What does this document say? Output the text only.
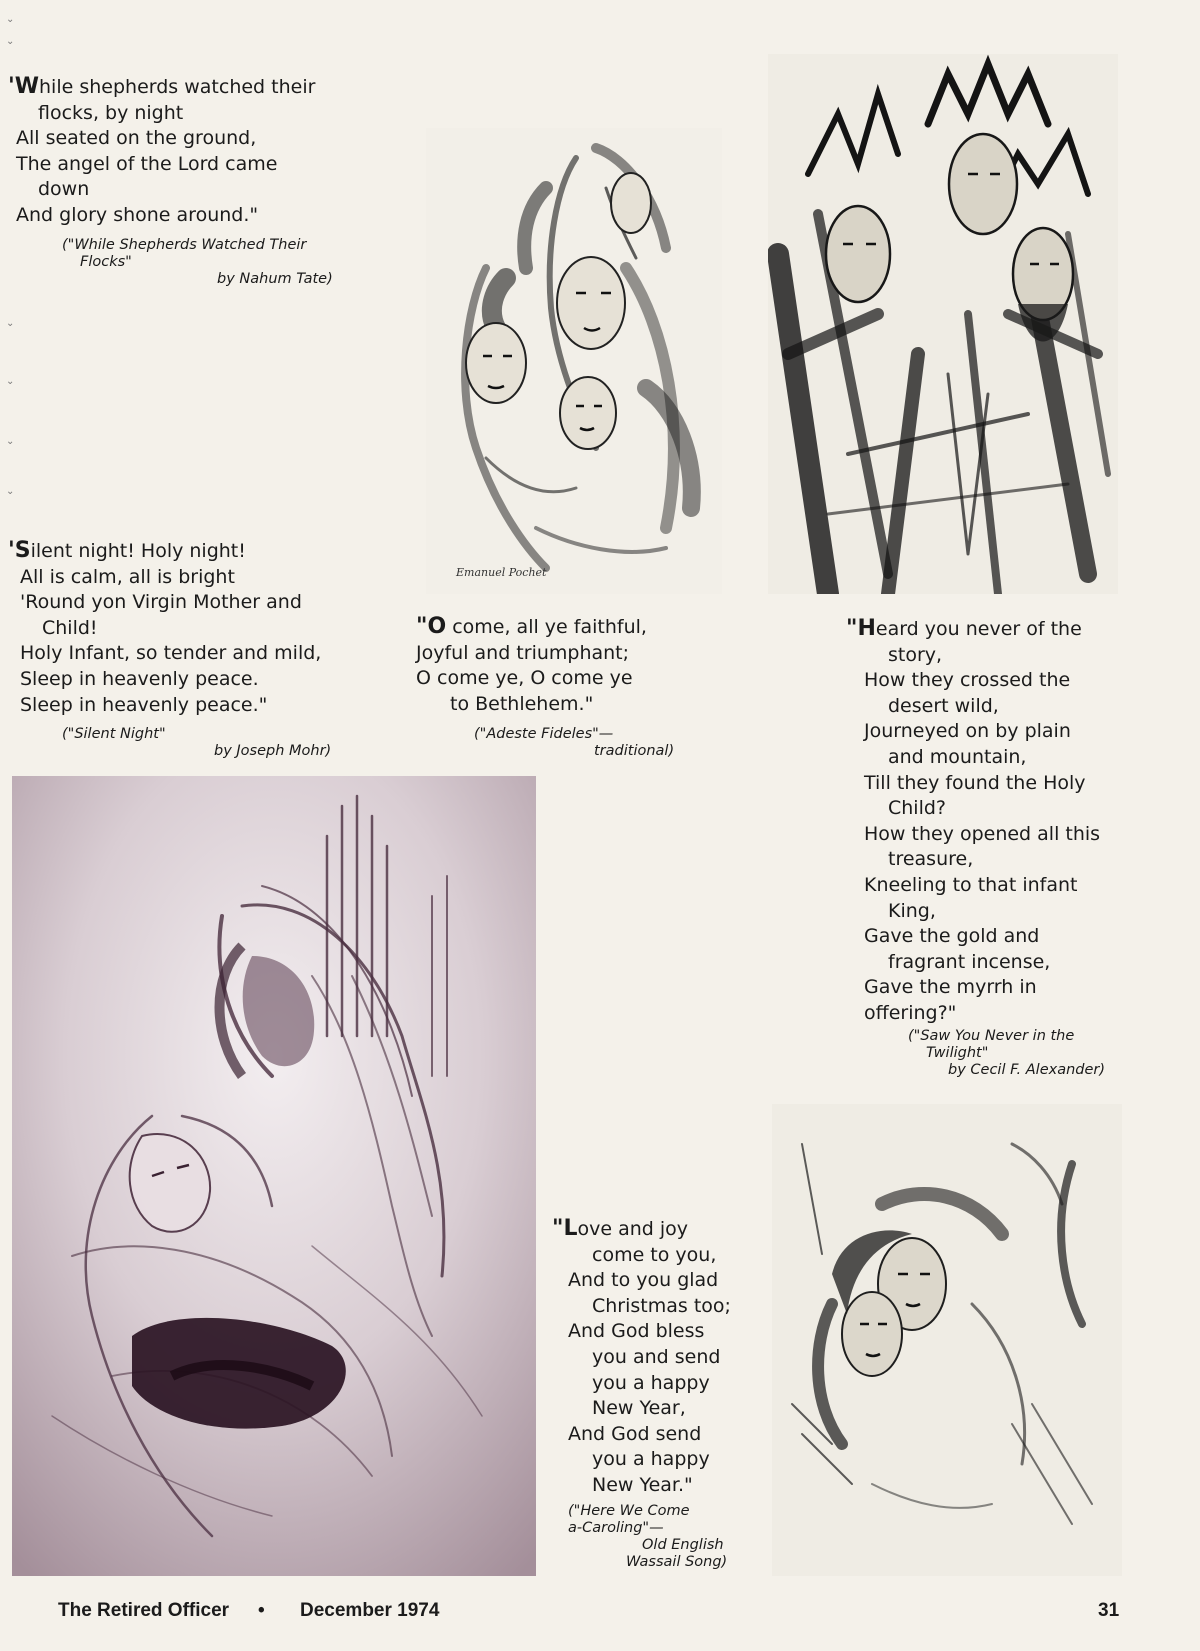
⌄
⌄
⌄
⌄
⌄
⌄
'While shepherds watched their
flocks, by night
All seated on the ground,
The angel of the Lord came
down
And glory shone around."
("While Shepherds Watched Their
Flocks"
by Nahum Tate)
'Silent night! Holy night!
All is calm, all is bright
'Round yon Virgin Mother and
Child!
Holy Infant, so tender and mild,
Sleep in heavenly peace.
Sleep in heavenly peace."
("Silent Night"
by Joseph Mohr)
"O come, all ye faithful,
Joyful and triumphant;
O come ye, O come ye
to Bethlehem."
("Adeste Fideles"—
traditional)
"Heard you never of the
story,
How they crossed the
desert wild,
Journeyed on by plain
and mountain,
Till they found the Holy
Child?
How they opened all this
treasure,
Kneeling to that infant
King,
Gave the gold and
fragrant incense,
Gave the myrrh in
offering?"
("Saw You Never in the
Twilight"
by Cecil F. Alexander)
"Love and joy
come to you,
And to you glad
Christmas too;
And God bless
you and send
you a happy
New Year,
And God send
you a happy
New Year."
("Here We Come
a-Caroling"—
Old English
Wassail Song)
Emanuel Pochet
The Retired Officer • December 1974	31
